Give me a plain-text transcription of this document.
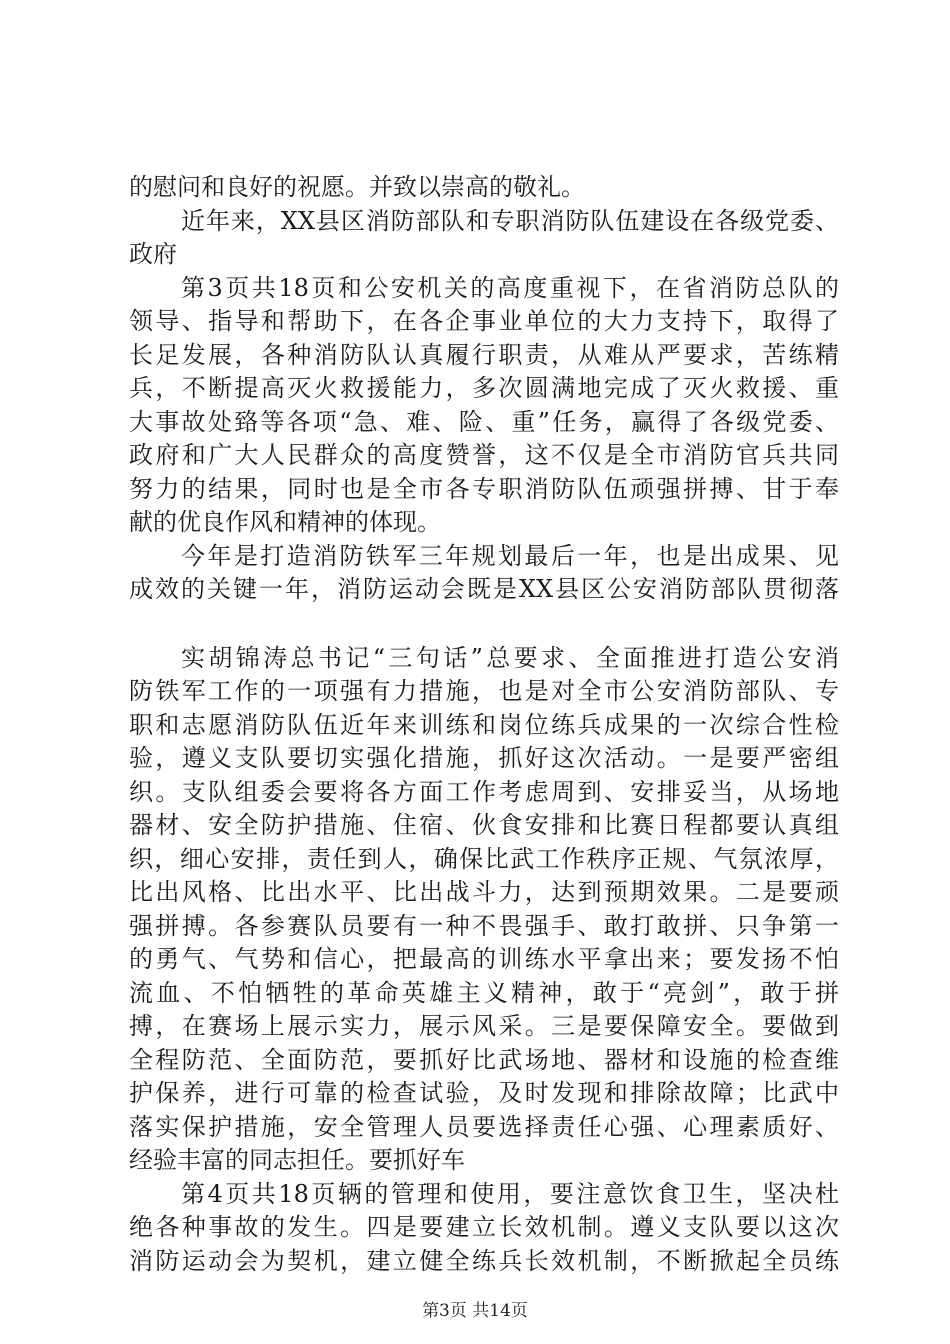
的慰问和良好的祝愿。并致以崇高的敬礼。
近年来，XX县区消防部队和专职消防队伍建设在各级党委、
政府
第3页共18页和公安机关的高度重视下，在省消防总队的
领导、指导和帮助下，在各企事业单位的大力支持下，取得了
长足发展，各种消防队认真履行职责，从难从严要求，苦练精
兵，不断提高灭火救援能力，多次圆满地完成了灭火救援、重
大事故处臵等各项“急、难、险、重”任务，赢得了各级党委、
政府和广大人民群众的高度赞誉，这不仅是全市消防官兵共同
努力的结果，同时也是全市各专职消防队伍顽强拼搏、甘于奉
献的优良作风和精神的体现。
今年是打造消防铁军三年规划最后一年，也是出成果、见
成效的关键一年，消防运动会既是XX县区公安消防部队贯彻落
实胡锦涛总书记“三句话”总要求、全面推进打造公安消
防铁军工作的一项强有力措施，也是对全市公安消防部队、专
职和志愿消防队伍近年来训练和岗位练兵成果的一次综合性检
验，遵义支队要切实强化措施，抓好这次活动。一是要严密组
织。支队组委会要将各方面工作考虑周到、安排妥当，从场地
器材、安全防护措施、住宿、伙食安排和比赛日程都要认真组
织，细心安排，责任到人，确保比武工作秩序正规、气氛浓厚，
比出风格、比出水平、比出战斗力，达到预期效果。二是要顽
强拼搏。各参赛队员要有一种不畏强手、敢打敢拼、只争第一
的勇气、气势和信心，把最高的训练水平拿出来；要发扬不怕
流血、不怕牺牲的革命英雄主义精神，敢于“亮剑”，敢于拼
搏，在赛场上展示实力，展示风采。三是要保障安全。要做到
全程防范、全面防范，要抓好比武场地、器材和设施的检查维
护保养，进行可靠的检查试验，及时发现和排除故障；比武中
落实保护措施，安全管理人员要选择责任心强、心理素质好、
经验丰富的同志担任。要抓好车
第4页共18页辆的管理和使用，要注意饮食卫生，坚决杜
绝各种事故的发生。四是要建立长效机制。遵义支队要以这次
消防运动会为契机，建立健全练兵长效机制，不断掀起全员练
第3页 共14页
